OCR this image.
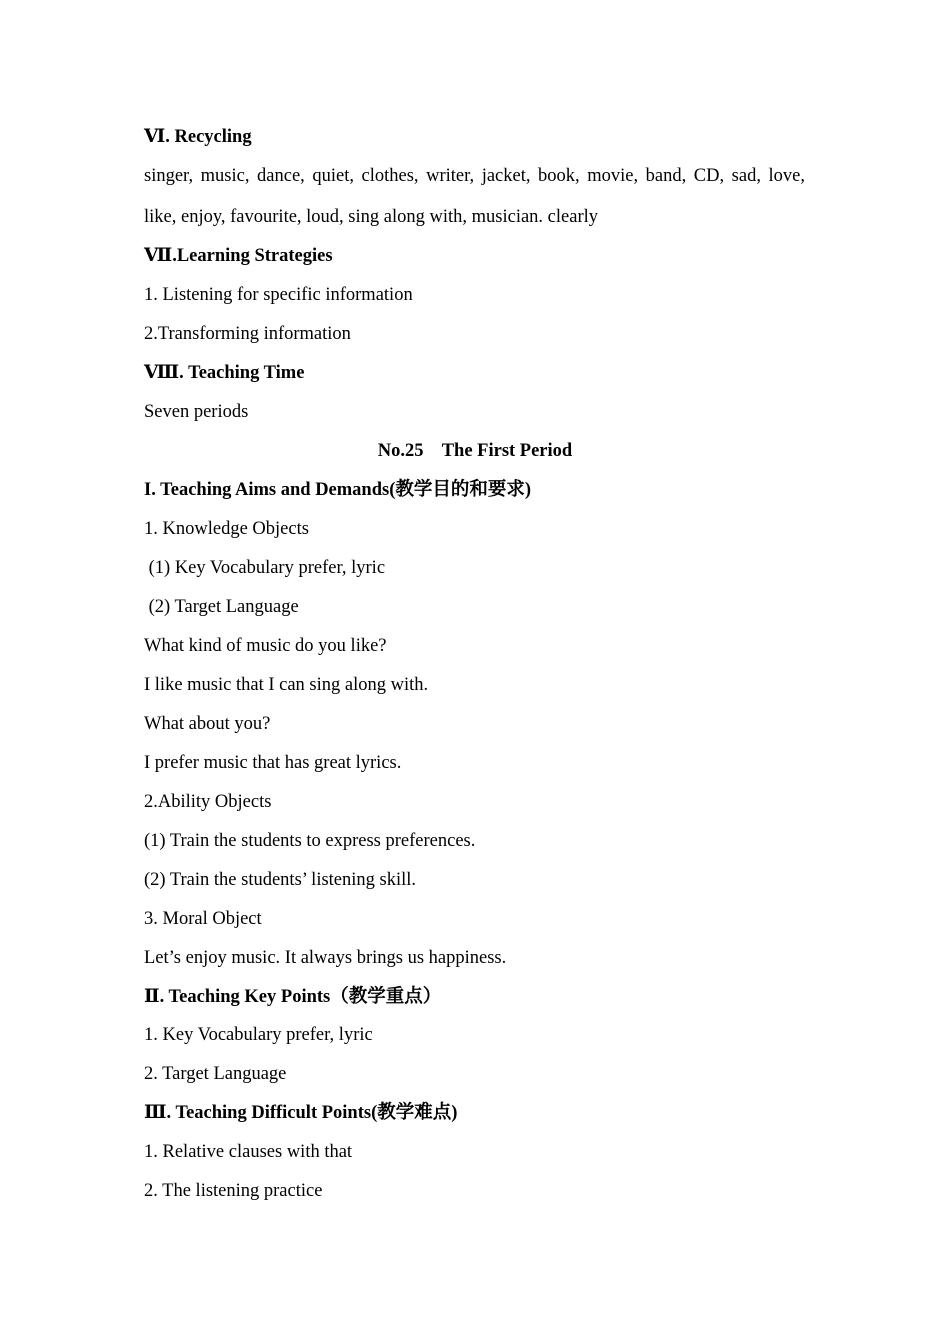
Ⅵ. Recycling
singer, music, dance, quiet, clothes, writer, jacket, book, movie, band, CD, sad, love,
like, enjoy, favourite, loud, sing along with, musician. clearly
Ⅶ.Learning Strategies
1. Listening for specific information
2.Transforming information
Ⅷ. Teaching Time
Seven periods
No.25    The First Period
I. Teaching Aims and Demands(教学目的和要求)
1. Knowledge Objects
(1) Key Vocabulary prefer, lyric
(2) Target Language
What kind of music do you like?
I like music that I can sing along with.
What about you?
I prefer music that has great lyrics.
2.Ability Objects
(1) Train the students to express preferences.
(2) Train the students’ listening skill.
3. Moral Object
Let’s enjoy music. It always brings us happiness.
Ⅱ. Teaching Key Points（教学重点）
1. Key Vocabulary prefer, lyric
2. Target Language
Ⅲ. Teaching Difficult Points(教学难点)
1. Relative clauses with that
2. The listening practice
